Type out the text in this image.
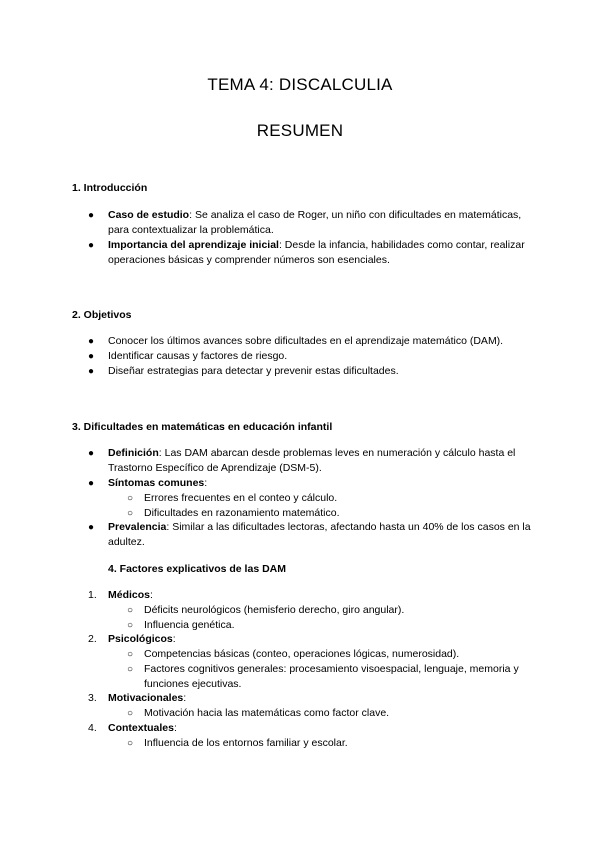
TEMA 4: DISCALCULIA
RESUMEN
1. Introducción
● Caso de estudio: Se analiza el caso de Roger, un niño con dificultades en matemáticas, para contextualizar la problemática.
● Importancia del aprendizaje inicial: Desde la infancia, habilidades como contar, realizar operaciones básicas y comprender números son esenciales.
2. Objetivos
● Conocer los últimos avances sobre dificultades en el aprendizaje matemático (DAM).
● Identificar causas y factores de riesgo.
● Diseñar estrategias para detectar y prevenir estas dificultades.
3. Dificultades en matemáticas en educación infantil
● Definición: Las DAM abarcan desde problemas leves en numeración y cálculo hasta el Trastorno Específico de Aprendizaje (DSM-5).
● Síntomas comunes:
○ Errores frecuentes en el conteo y cálculo.
○ Dificultades en razonamiento matemático.
● Prevalencia: Similar a las dificultades lectoras, afectando hasta un 40% de los casos en la adultez.
4. Factores explicativos de las DAM
1.	Médicos:
○ Déficits neurológicos (hemisferio derecho, giro angular).
○ Influencia genética.
2.	Psicológicos:
○ Competencias básicas (conteo, operaciones lógicas, numerosidad).
○ Factores cognitivos generales: procesamiento visoespacial, lenguaje, memoria y funciones ejecutivas.
3.	Motivacionales:
○ Motivación hacia las matemáticas como factor clave.
4.	Contextuales:
○ Influencia de los entornos familiar y escolar.
